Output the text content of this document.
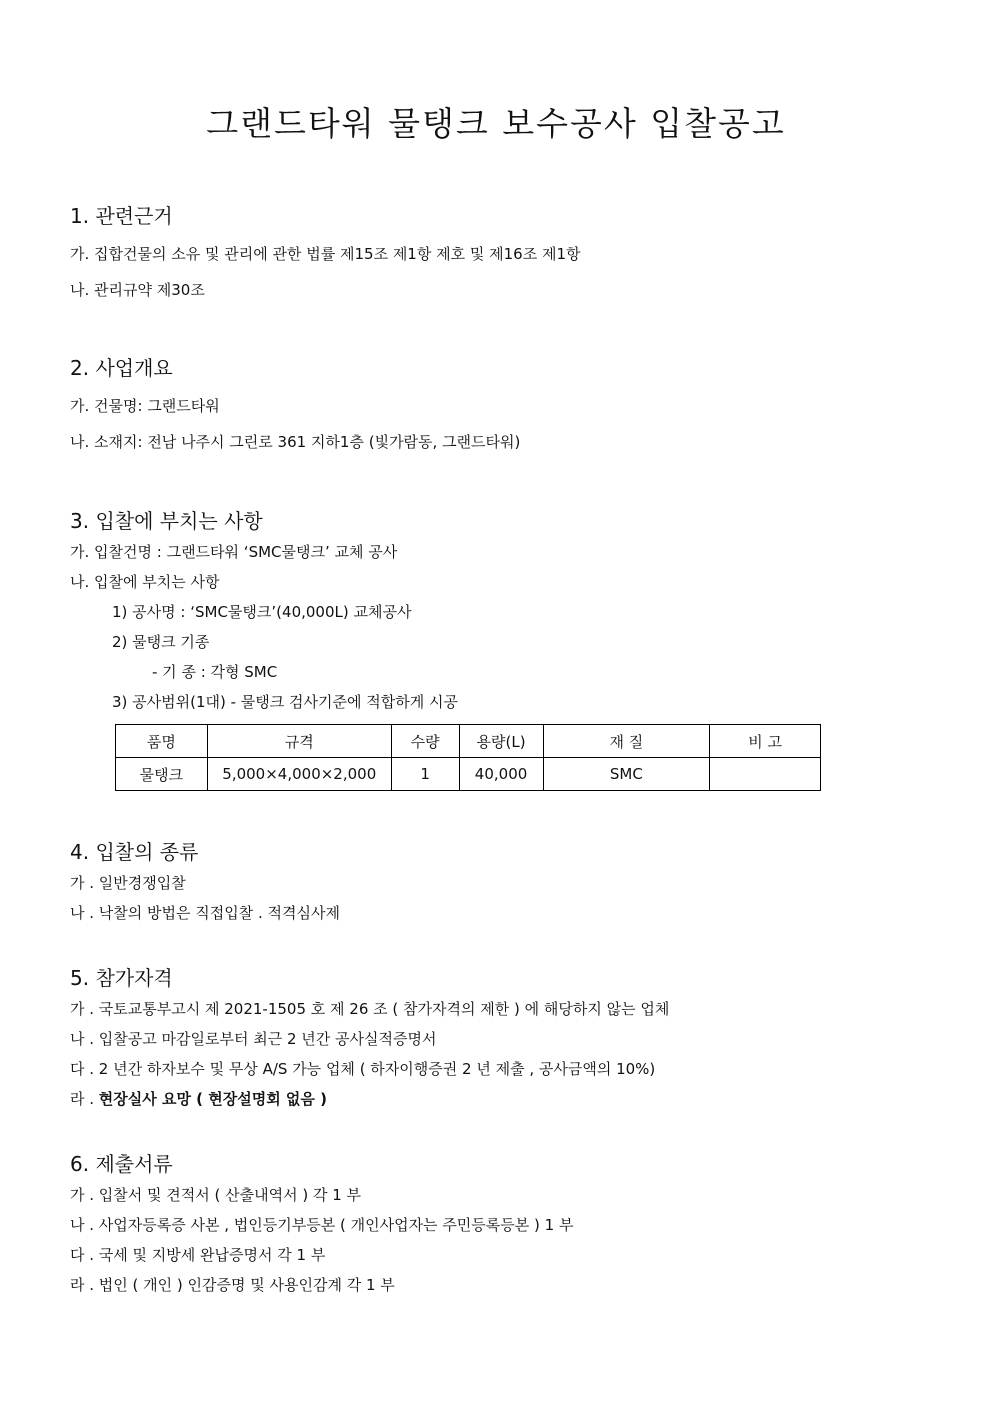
그랜드타워 물탱크 보수공사 입찰공고
1. 관련근거
가. 집합건물의 소유 및 관리에 관한 법률 제15조 제1항 제호 및 제16조 제1항
나. 관리규약 제30조
2. 사업개요
가. 건물명: 그랜드타워
나. 소재지: 전남 나주시 그린로 361 지하1층 (빛가람동, 그랜드타워)
3. 입찰에 부치는 사항
가. 입찰건명 : 그랜드타워 ‘SMC물탱크’ 교체 공사
나. 입찰에 부치는 사항
1) 공사명 : ‘SMC물탱크’(40,000L) 교체공사
2) 물탱크 기종
- 기 종 : 각형 SMC
3) 공사범위(1대) - 물탱크 검사기준에 적합하게 시공
품명	규격	수량	용량(L)	재 질	비 고
물탱크	5,000×4,000×2,000	1	40,000	SMC	
4. 입찰의 종류
가 . 일반경쟁입찰
나 . 낙찰의 방법은 직접입찰 . 적격심사제
5. 참가자격
가 . 국토교통부고시 제 2021-1505 호 제 26 조 ( 참가자격의 제한 ) 에 해당하지 않는 업체
나 . 입찰공고 마감일로부터 최근 2 년간 공사실적증명서
다 . 2 년간 하자보수 및 무상 A/S 가능 업체 ( 하자이행증권 2 년 제출 , 공사금액의 10%)
라 . 현장실사 요망 ( 현장설명회 없음 )
6. 제출서류
가 . 입찰서 및 견적서 ( 산출내역서 ) 각 1 부
나 . 사업자등록증 사본 , 법인등기부등본 ( 개인사업자는 주민등록등본 ) 1 부
다 . 국세 및 지방세 완납증명서 각 1 부
라 . 법인 ( 개인 ) 인감증명 및 사용인감계 각 1 부
